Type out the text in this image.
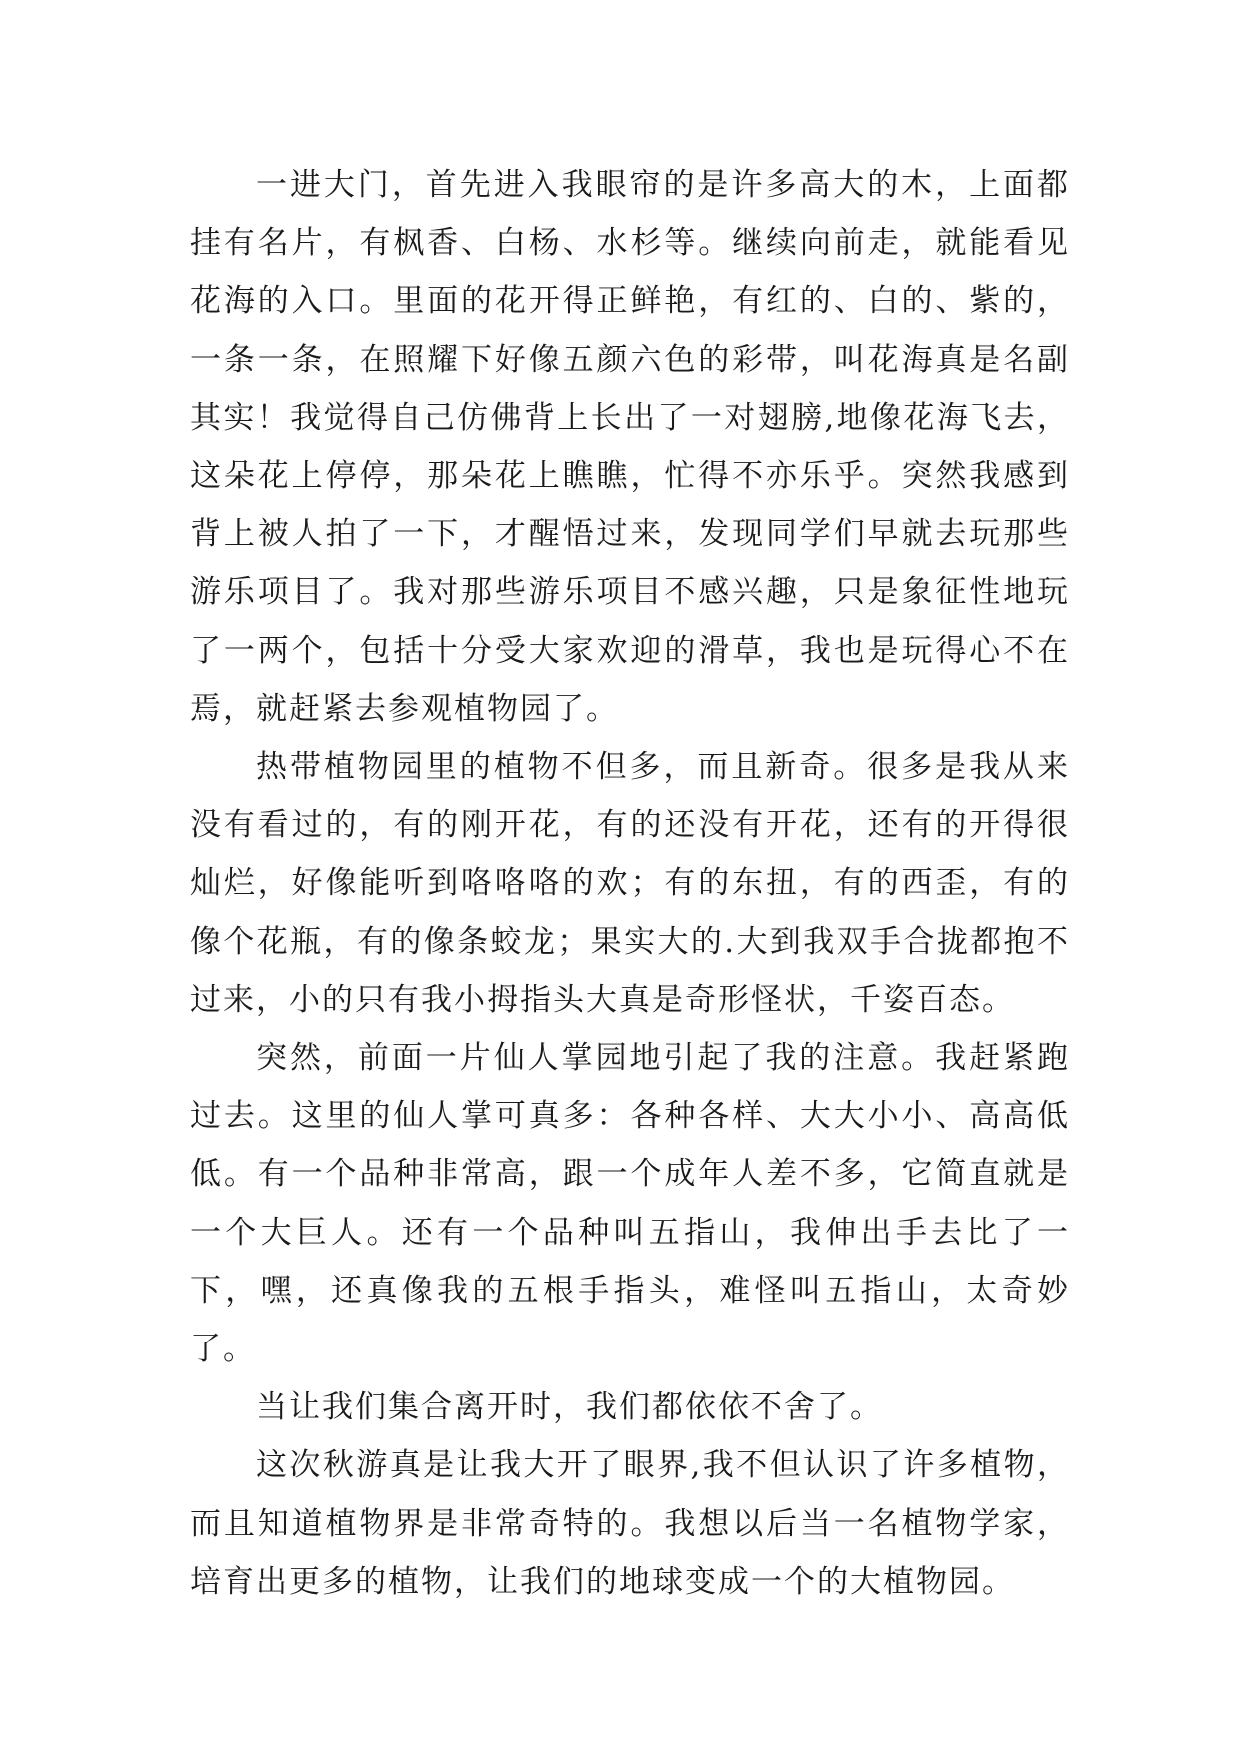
一进大门，首先进入我眼帘的是许多高大的木，上面都挂有名片，有枫香、白杨、水杉等。继续向前走，就能看见花海的入口。里面的花开得正鲜艳，有红的、白的、紫的，一条一条，在照耀下好像五颜六色的彩带，叫花海真是名副其实！我觉得自己仿佛背上长出了一对翅膀,地像花海飞去，这朵花上停停，那朵花上瞧瞧，忙得不亦乐乎。突然我感到背上被人拍了一下，才醒悟过来，发现同学们早就去玩那些游乐项目了。我对那些游乐项目不感兴趣，只是象征性地玩了一两个，包括十分受大家欢迎的滑草，我也是玩得心不在焉，就赶紧去参观植物园了。

热带植物园里的植物不但多，而且新奇。很多是我从来没有看过的，有的刚开花，有的还没有开花，还有的开得很灿烂，好像能听到咯咯咯的欢；有的东扭，有的西歪，有的像个花瓶，有的像条蛟龙；果实大的.大到我双手合拢都抱不过来，小的只有我小拇指头大真是奇形怪状，千姿百态。

突然，前面一片仙人掌园地引起了我的注意。我赶紧跑过去。这里的仙人掌可真多：各种各样、大大小小、高高低低。有一个品种非常高，跟一个成年人差不多，它简直就是一个大巨人。还有一个品种叫五指山，我伸出手去比了一下，嘿，还真像我的五根手指头，难怪叫五指山，太奇妙了。

当让我们集合离开时，我们都依依不舍了。

这次秋游真是让我大开了眼界,我不但认识了许多植物，而且知道植物界是非常奇特的。我想以后当一名植物学家，培育出更多的植物，让我们的地球变成一个的大植物园。
